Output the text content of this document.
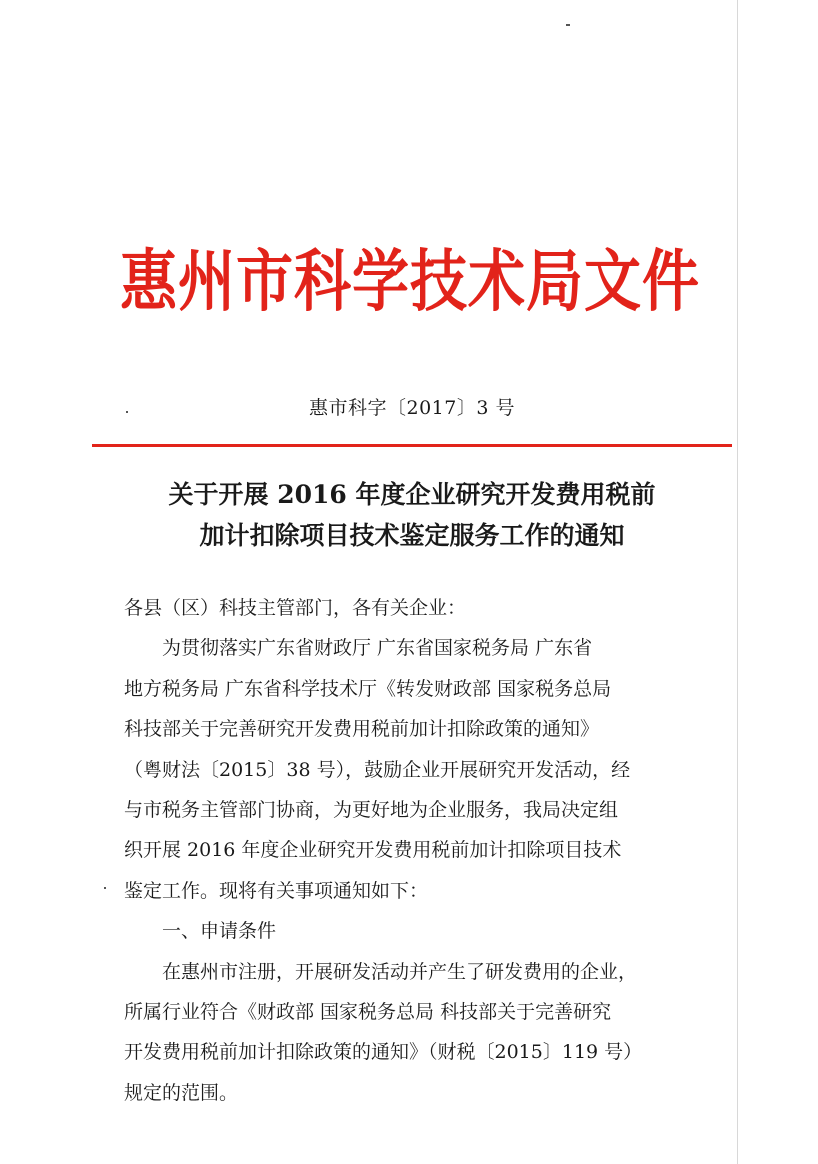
惠州市科学技术局文件
惠市科字〔2017〕3 号
关于开展 2016 年度企业研究开发费用税前
加计扣除项目技术鉴定服务工作的通知
各县（区）科技主管部门，各有关企业：
为贯彻落实广东省财政厅 广东省国家税务局 广东省
地方税务局 广东省科学技术厅《转发财政部 国家税务总局
科技部关于完善研究开发费用税前加计扣除政策的通知》
（粤财法〔2015〕38 号），鼓励企业开展研究开发活动，经
与市税务主管部门协商，为更好地为企业服务，我局决定组
织开展 2016 年度企业研究开发费用税前加计扣除项目技术
鉴定工作。现将有关事项通知如下：
一、申请条件
在惠州市注册，开展研发活动并产生了研发费用的企业，
所属行业符合《财政部 国家税务总局 科技部关于完善研究
开发费用税前加计扣除政策的通知》（财税〔2015〕119 号）
规定的范围。
